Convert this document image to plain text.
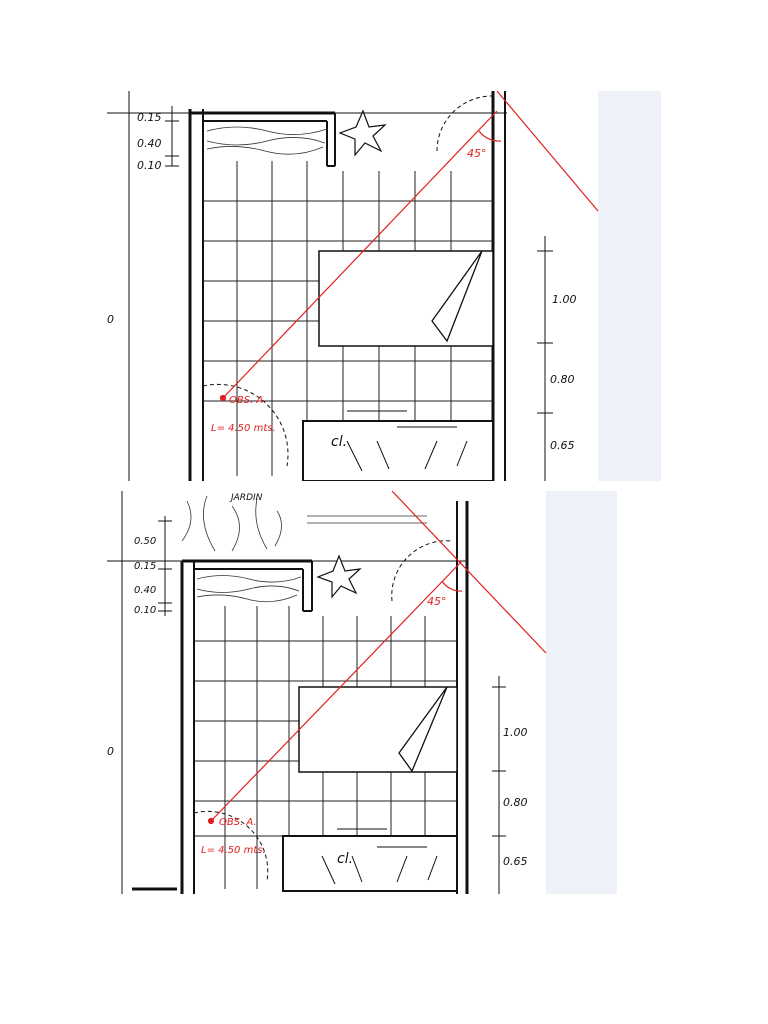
0.15
0.40
0.10
0
1.00
0.80
0.65
45°
OBS. A.
L= 4.50 mts.
cl.
JARDIN
0.50
0.15
0.40
0.10
0
1.00
0.80
0.65
45°
OBS. A.
L= 4.50 mts.
cl.
